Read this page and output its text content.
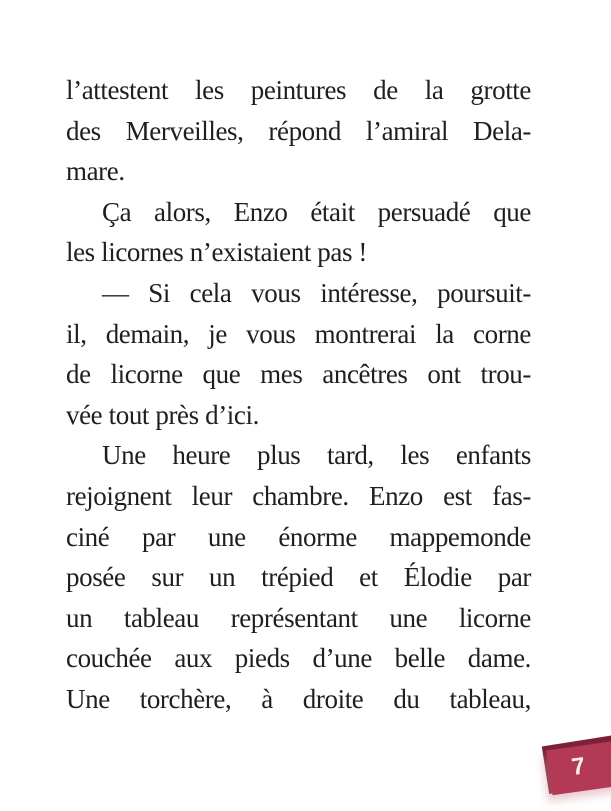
l’attestent les peintures de la grotte

des Merveilles, répond l’amiral Dela-

mare.

Ça alors, Enzo était persuadé que

les licornes n’existaient pas !

— Si cela vous intéresse, poursuit-

il, demain, je vous montrerai la corne

de licorne que mes ancêtres ont trou-

vée tout près d’ici.

Une heure plus tard, les enfants

rejoignent leur chambre. Enzo est fas-

ciné par une énorme mappemonde

posée sur un trépied et Élodie par

un tableau représentant une licorne

couchée aux pieds d’une belle dame.

Une torchère, à droite du tableau,

7
